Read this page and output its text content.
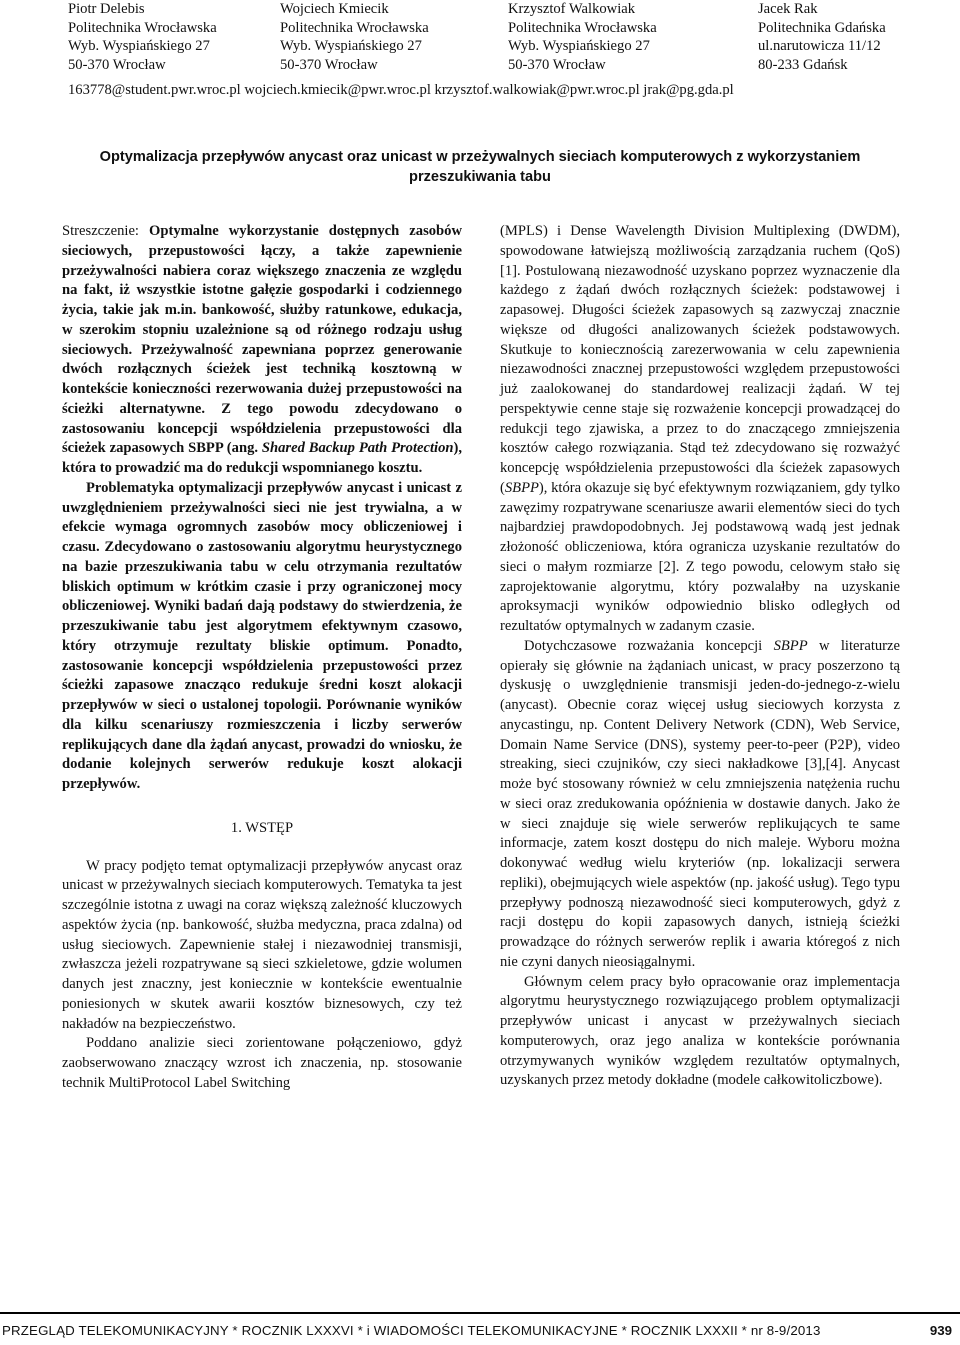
Piotr Delebis
Politechnika Wrocławska
Wyb. Wyspiańskiego 27
50-370 Wrocław
Wojciech Kmiecik
Politechnika Wrocławska
Wyb. Wyspiańskiego 27
50-370 Wrocław
Krzysztof Walkowiak
Politechnika Wrocławska
Wyb. Wyspiańskiego 27
50-370 Wrocław
Jacek Rak
Politechnika Gdańska
ul.narutowicza 11/12
80-233 Gdańsk
163778@student.pwr.wroc.pl wojciech.kmiecik@pwr.wroc.pl krzysztof.walkowiak@pwr.wroc.pl jrak@pg.gda.pl
Optymalizacja przepływów anycast oraz unicast w przeżywalnych sieciach komputerowych z wykorzystaniem przeszukiwania tabu

Streszczenie: Optymalne wykorzystanie dostępnych zasobów sieciowych, przepustowości łączy, a także zapewnienie przeżywalności nabiera coraz większego znaczenia ze względu na fakt, iż wszystkie istotne gałęzie gospodarki i codziennego życia, takie jak m.in. bankowość, służby ratunkowe, edukacja, w szerokim stopniu uzależnione są od różnego rodzaju usług sieciowych. Przeżywalność zapewniana poprzez generowanie dwóch rozłącznych ścieżek jest techniką kosztowną w kontekście konieczności rezerwowania dużej przepustowości na ścieżki alternatywne. Z tego powodu zdecydowano o zastosowaniu koncepcji współdzielenia przepustowości dla ścieżek zapasowych SBPP (ang. Shared Backup Path Protection), która to prowadzić ma do redukcji wspomnianego kosztu.

Problematyka optymalizacji przepływów anycast i unicast z uwzględnieniem przeżywalności sieci nie jest trywialna, a w efekcie wymaga ogromnych zasobów mocy obliczeniowej i czasu. Zdecydowano o zastosowaniu algorytmu heurystycznego na bazie przeszukiwania tabu w celu otrzymania rezultatów bliskich optimum w krótkim czasie i przy ograniczonej mocy obliczeniowej. Wyniki badań dają podstawy do stwierdzenia, że przeszukiwanie tabu jest algorytmem efektywnym czasowo, który otrzymuje rezultaty bliskie optimum. Ponadto, zastosowanie koncepcji współdzielenia przepustowości przez ścieżki zapasowe znacząco redukuje średni koszt alokacji przepływów w sieci o ustalonej topologii. Porównanie wyników dla kilku scenariuszy rozmieszczenia i liczby serwerów replikujących dane dla żądań anycast, prowadzi do wniosku, że dodanie kolejnych serwerów redukuje koszt alokacji przepływów.

1. WSTĘP

W pracy podjęto temat optymalizacji przepływów anycast oraz unicast w przeżywalnych sieciach komputerowych. Tematyka ta jest szczególnie istotna z uwagi na coraz większą zależność kluczowych aspektów życia (np. bankowość, służba medyczna, praca zdalna) od usług sieciowych. Zapewnienie stałej i niezawodniej transmisji, zwłaszcza jeżeli rozpatrywane są sieci szkieletowe, gdzie wolumen danych jest znaczny, jest koniecznie w kontekście ewentualnie poniesionych w skutek awarii kosztów biznesowych, czy też nakładów na bezpieczeństwo.

Poddano analizie sieci zorientowane połączeniowo, gdyż zaobserwowano znaczący wzrost ich znaczenia, np. stosowanie technik MultiProtocol Label Switching

(MPLS) i Dense Wavelength Division Multiplexing (DWDM), spowodowane łatwiejszą możliwością zarządzania ruchem (QoS) [1]. Postulowaną niezawodność uzyskano poprzez wyznaczenie dla każdego z żądań dwóch rozłącznych ścieżek: podstawowej i zapasowej. Długości ścieżek zapasowych są zazwyczaj znacznie większe od długości analizowanych ścieżek podstawowych. Skutkuje to koniecznością zarezerwowania w celu zapewnienia niezawodności znacznej przepustowości względem przepustowości już zaalokowanej do standardowej realizacji żądań. W tej perspektywie cenne staje się rozważenie koncepcji prowadzącej do redukcji tego zjawiska, a przez to do znaczącego zmniejszenia kosztów całego rozwiązania. Stąd też zdecydowano się rozważyć koncepcję współdzielenia przepustowości dla ścieżek zapasowych (SBPP), która okazuje się być efektywnym rozwiązaniem, gdy tylko zawęzimy rozpatrywane scenariusze awarii elementów sieci do tych najbardziej prawdopodobnych. Jej podstawową wadą jest jednak złożoność obliczeniowa, która ogranicza uzyskanie rezultatów do sieci o małym rozmiarze [2]. Z tego powodu, celowym stało się zaprojektowanie algorytmu, który pozwalałby na uzyskanie aproksymacji wyników odpowiednio blisko odległych od rezultatów optymalnych w zadanym czasie.

Dotychczasowe rozważania koncepcji SBPP w literaturze opierały się głównie na żądaniach unicast, w pracy poszerzono tą dyskusję o uwzględnienie transmisji jeden-do-jednego-z-wielu (anycast). Obecnie coraz więcej usług sieciowych korzysta z anycastingu, np. Content Delivery Network (CDN), Web Service, Domain Name Service (DNS), systemy peer-to-peer (P2P), video streaking, sieci czujników, czy sieci nakładkowe [3],[4]. Anycast może być stosowany również w celu zmniejszenia natężenia ruchu w sieci oraz zredukowania opóźnienia w dostawie danych. Jako że w sieci znajduje się wiele serwerów replikujących te same informacje, zatem koszt dostępu do nich maleje. Wyboru można dokonywać według wielu kryteriów (np. lokalizacji serwera repliki), obejmujących wiele aspektów (np. jakość usług). Tego typu przepływy podnoszą niezawodność sieci komputerowych, gdyż z racji dostępu do kopii zapasowych danych, istnieją ścieżki prowadzące do różnych serwerów replik i awaria któregoś z nich nie czyni danych nieosiągalnymi.

Głównym celem pracy było opracowanie oraz implementacja algorytmu heurystycznego rozwiązującego problem optymalizacji przepływów unicast i anycast w przeżywalnych sieciach komputerowych, oraz jego analiza w kontekście porównania otrzymywanych wyników względem rezultatów optymalnych, uzyskanych przez metody dokładne (modele całkowitoliczbowe).

PRZEGLĄD TELEKOMUNIKACYJNY * ROCZNIK LXXXVI * i WIADOMOŚCI TELEKOMUNIKACYJNE * ROCZNIK LXXXII * nr 8-9/2013	939
